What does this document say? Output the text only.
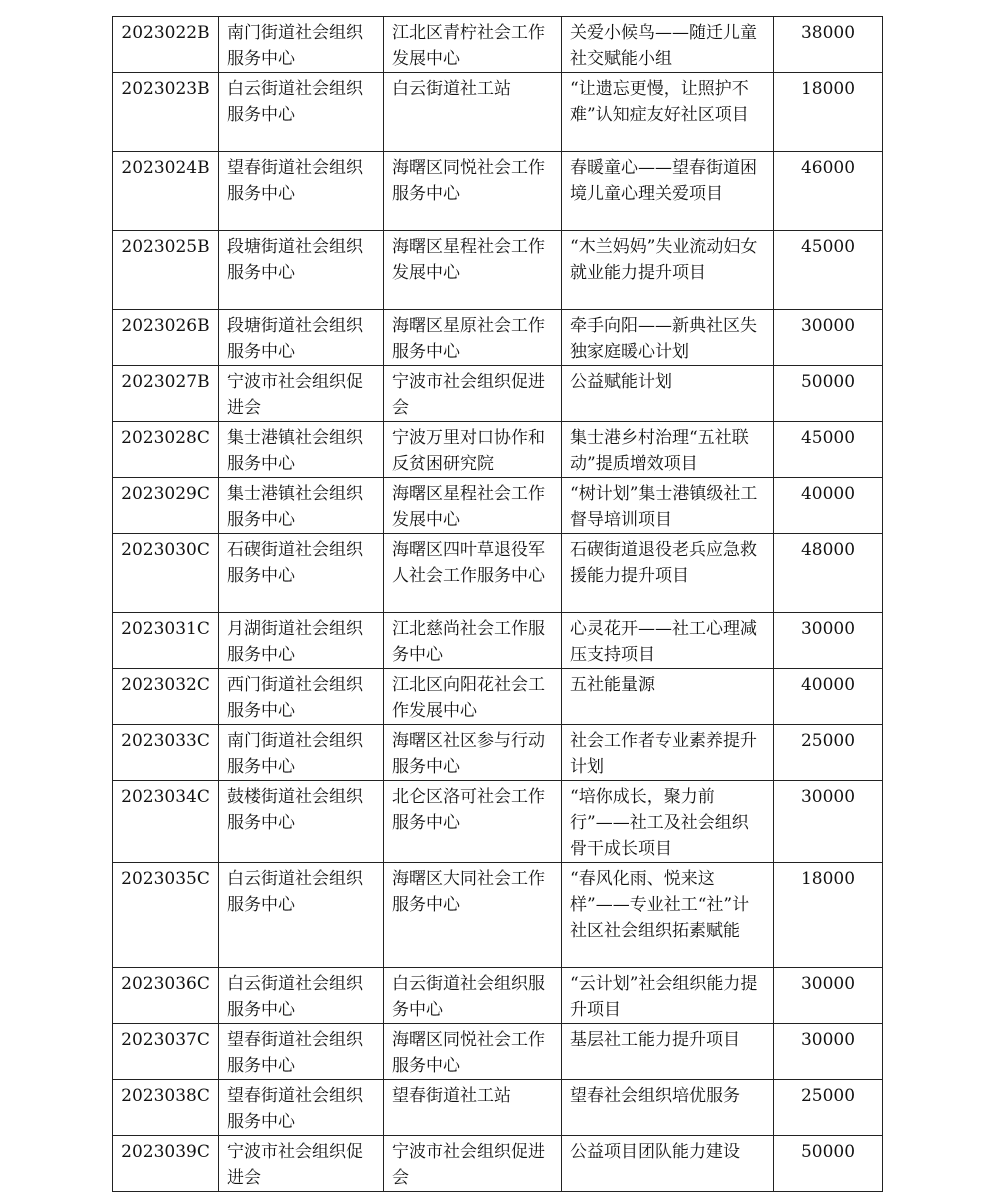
2023022B	南门街道社会组织服务中心	江北区青柠社会工作发展中心	关爱小候鸟——随迁儿童社交赋能小组	38000
2023023B	白云街道社会组织服务中心	白云街道社工站	“让遗忘更慢，让照护不难”认知症友好社区项目	18000
2023024B	望春街道社会组织服务中心	海曙区同悦社会工作服务中心	春暖童心——望春街道困境儿童心理关爱项目	46000
2023025B	段塘街道社会组织服务中心	海曙区星程社会工作发展中心	“木兰妈妈”失业流动妇女就业能力提升项目	45000
2023026B	段塘街道社会组织服务中心	海曙区星原社会工作服务中心	牵手向阳——新典社区失独家庭暖心计划	30000
2023027B	宁波市社会组织促进会	宁波市社会组织促进会	公益赋能计划	50000
2023028C	集士港镇社会组织服务中心	宁波万里对口协作和反贫困研究院	集士港乡村治理“五社联动”提质增效项目	45000
2023029C	集士港镇社会组织服务中心	海曙区星程社会工作发展中心	“树计划”集士港镇级社工督导培训项目	40000
2023030C	石碶街道社会组织服务中心	海曙区四叶草退役军人社会工作服务中心	石碶街道退役老兵应急救援能力提升项目	48000
2023031C	月湖街道社会组织服务中心	江北慈尚社会工作服务中心	心灵花开——社工心理减压支持项目	30000
2023032C	西门街道社会组织服务中心	江北区向阳花社会工作发展中心	五社能量源	40000
2023033C	南门街道社会组织服务中心	海曙区社区参与行动服务中心	社会工作者专业素养提升计划	25000
2023034C	鼓楼街道社会组织服务中心	北仑区洛可社会工作服务中心	“培你成长，聚力前行”——社工及社会组织骨干成长项目	30000
2023035C	白云街道社会组织服务中心	海曙区大同社会工作服务中心	“春风化雨、悦来这样”——专业社工“社”计社区社会组织拓素赋能	18000
2023036C	白云街道社会组织服务中心	白云街道社会组织服务中心	“云计划”社会组织能力提升项目	30000
2023037C	望春街道社会组织服务中心	海曙区同悦社会工作服务中心	基层社工能力提升项目	30000
2023038C	望春街道社会组织服务中心	望春街道社工站	望春社会组织培优服务	25000
2023039C	宁波市社会组织促进会	宁波市社会组织促进会	公益项目团队能力建设	50000
